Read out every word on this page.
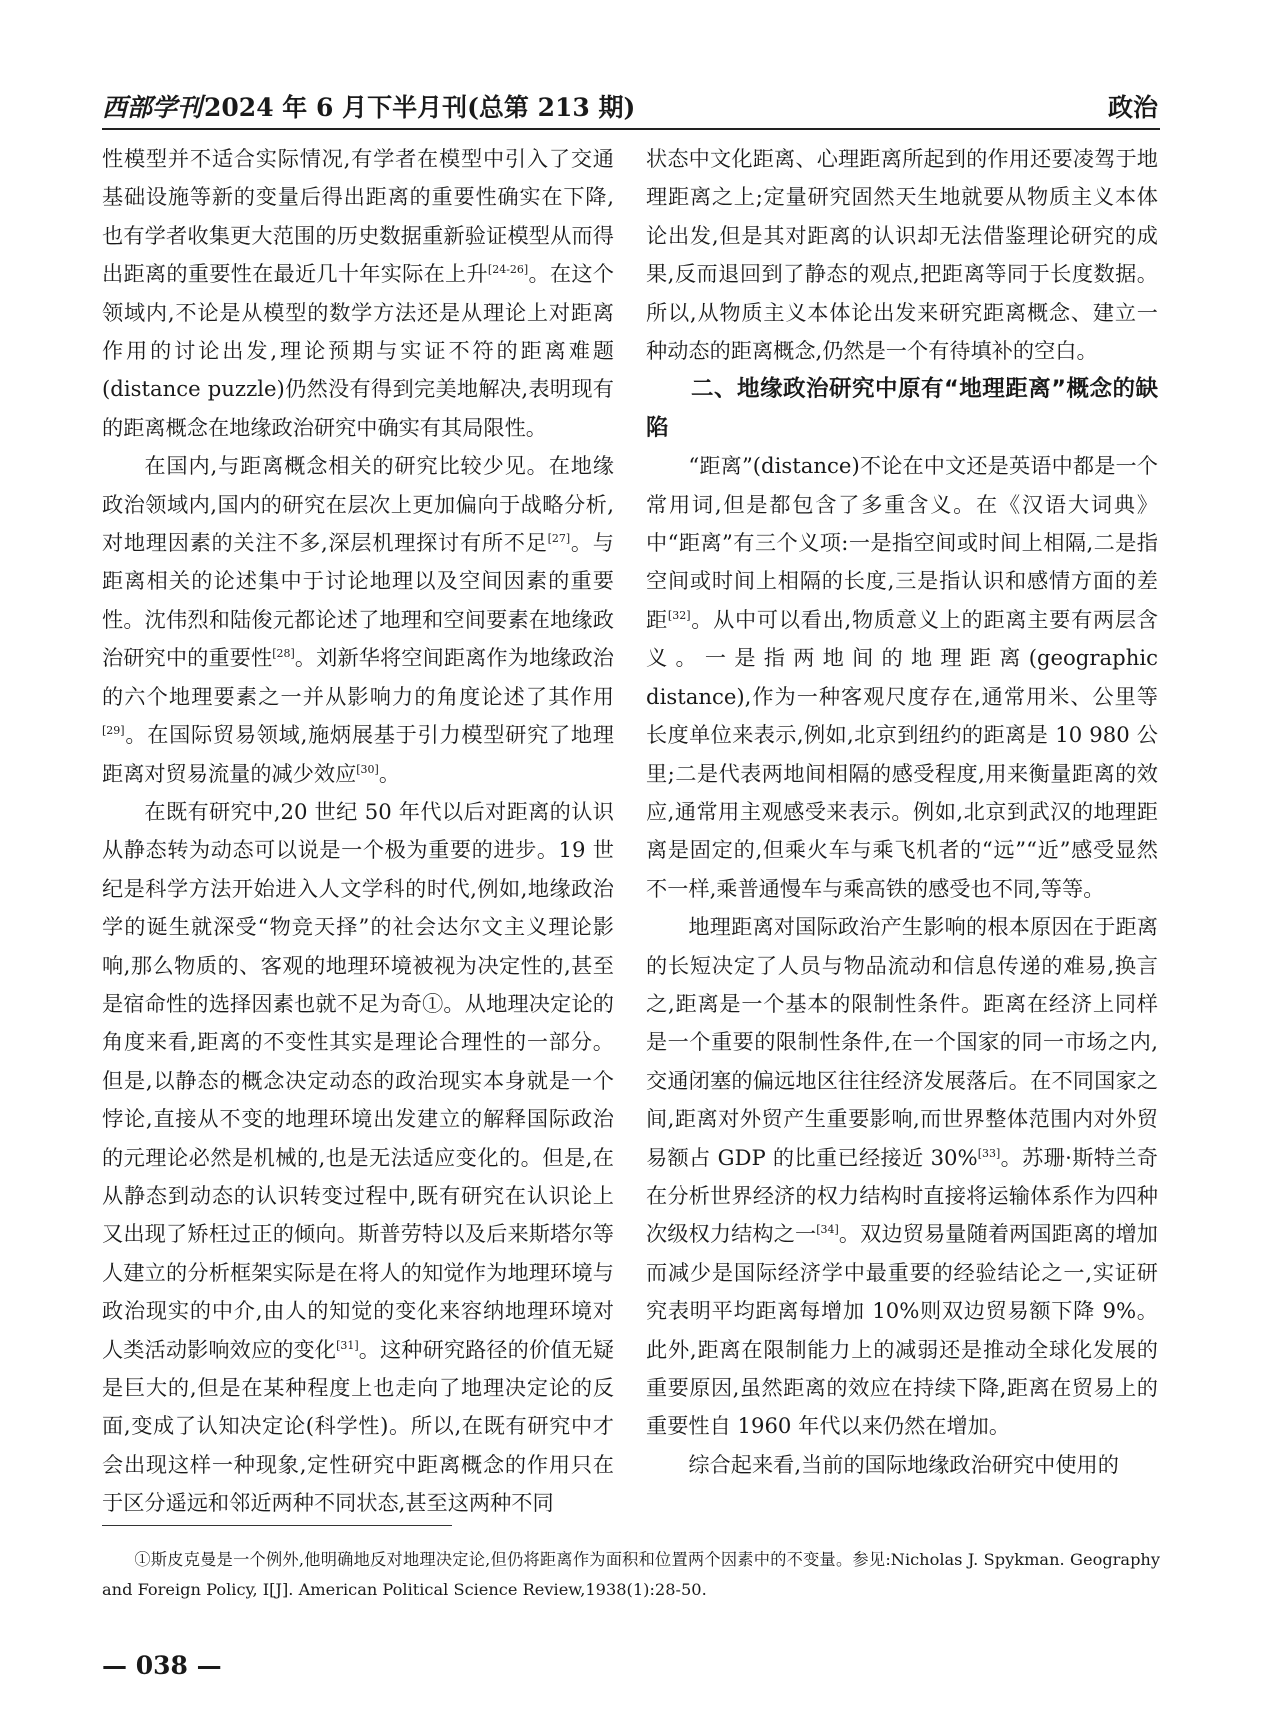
西部学刊2024 年 6 月下半月刊(总第 213 期)	政治

性模型并不适合实际情况,有学者在模型中引入了交通基础设施等新的变量后得出距离的重要性确实在下降,也有学者收集更大范围的历史数据重新验证模型从而得出距离的重要性在最近几十年实际在上升[24-26]。在这个领域内,不论是从模型的数学方法还是从理论上对距离作用的讨论出发,理论预期与实证不符的距离难题(distance puzzle)仍然没有得到完美地解决,表明现有的距离概念在地缘政治研究中确实有其局限性。

在国内,与距离概念相关的研究比较少见。在地缘政治领域内,国内的研究在层次上更加偏向于战略分析,对地理因素的关注不多,深层机理探讨有所不足[27]。与距离相关的论述集中于讨论地理以及空间因素的重要性。沈伟烈和陆俊元都论述了地理和空间要素在地缘政治研究中的重要性[28]。刘新华将空间距离作为地缘政治的六个地理要素之一并从影响力的角度论述了其作用[29]。在国际贸易领域,施炳展基于引力模型研究了地理距离对贸易流量的减少效应[30]。

在既有研究中,20 世纪 50 年代以后对距离的认识从静态转为动态可以说是一个极为重要的进步。19 世纪是科学方法开始进入人文学科的时代,例如,地缘政治学的诞生就深受“物竞天择”的社会达尔文主义理论影响,那么物质的、客观的地理环境被视为决定性的,甚至是宿命性的选择因素也就不足为奇①。从地理决定论的角度来看,距离的不变性其实是理论合理性的一部分。但是,以静态的概念决定动态的政治现实本身就是一个悖论,直接从不变的地理环境出发建立的解释国际政治的元理论必然是机械的,也是无法适应变化的。但是,在从静态到动态的认识转变过程中,既有研究在认识论上又出现了矫枉过正的倾向。斯普劳特以及后来斯塔尔等人建立的分析框架实际是在将人的知觉作为地理环境与政治现实的中介,由人的知觉的变化来容纳地理环境对人类活动影响效应的变化[31]。这种研究路径的价值无疑是巨大的,但是在某种程度上也走向了地理决定论的反面,变成了认知决定论(科学性)。所以,在既有研究中才会出现这样一种现象,定性研究中距离概念的作用只在于区分遥远和邻近两种不同状态,甚至这两种不同

状态中文化距离、心理距离所起到的作用还要凌驾于地理距离之上;定量研究固然天生地就要从物质主义本体论出发,但是其对距离的认识却无法借鉴理论研究的成果,反而退回到了静态的观点,把距离等同于长度数据。所以,从物质主义本体论出发来研究距离概念、建立一种动态的距离概念,仍然是一个有待填补的空白。

二、地缘政治研究中原有“地理距离”概念的缺陷

“距离”(distance)不论在中文还是英语中都是一个常用词,但是都包含了多重含义。在《汉语大词典》中“距离”有三个义项:一是指空间或时间上相隔,二是指空间或时间上相隔的长度,三是指认识和感情方面的差距[32]。从中可以看出,物质意义上的距离主要有两层含义。一是指两地间的地理距离(geographic distance),作为一种客观尺度存在,通常用米、公里等长度单位来表示,例如,北京到纽约的距离是 10 980 公里;二是代表两地间相隔的感受程度,用来衡量距离的效应,通常用主观感受来表示。例如,北京到武汉的地理距离是固定的,但乘火车与乘飞机者的“远”“近”感受显然不一样,乘普通慢车与乘高铁的感受也不同,等等。

地理距离对国际政治产生影响的根本原因在于距离的长短决定了人员与物品流动和信息传递的难易,换言之,距离是一个基本的限制性条件。距离在经济上同样是一个重要的限制性条件,在一个国家的同一市场之内,交通闭塞的偏远地区往往经济发展落后。在不同国家之间,距离对外贸产生重要影响,而世界整体范围内对外贸易额占 GDP 的比重已经接近 30%[33]。苏珊·斯特兰奇在分析世界经济的权力结构时直接将运输体系作为四种次级权力结构之一[34]。双边贸易量随着两国距离的增加而减少是国际经济学中最重要的经验结论之一,实证研究表明平均距离每增加 10%则双边贸易额下降 9%。此外,距离在限制能力上的减弱还是推动全球化发展的重要原因,虽然距离的效应在持续下降,距离在贸易上的重要性自 1960 年代以来仍然在增加。

综合起来看,当前的国际地缘政治研究中使用的

①斯皮克曼是一个例外,他明确地反对地理决定论,但仍将距离作为面积和位置两个因素中的不变量。参见:Nicholas J. Spykman. Geography and Foreign Policy, I[J]. American Political Science Review,1938(1):28-50.
— 038 —
